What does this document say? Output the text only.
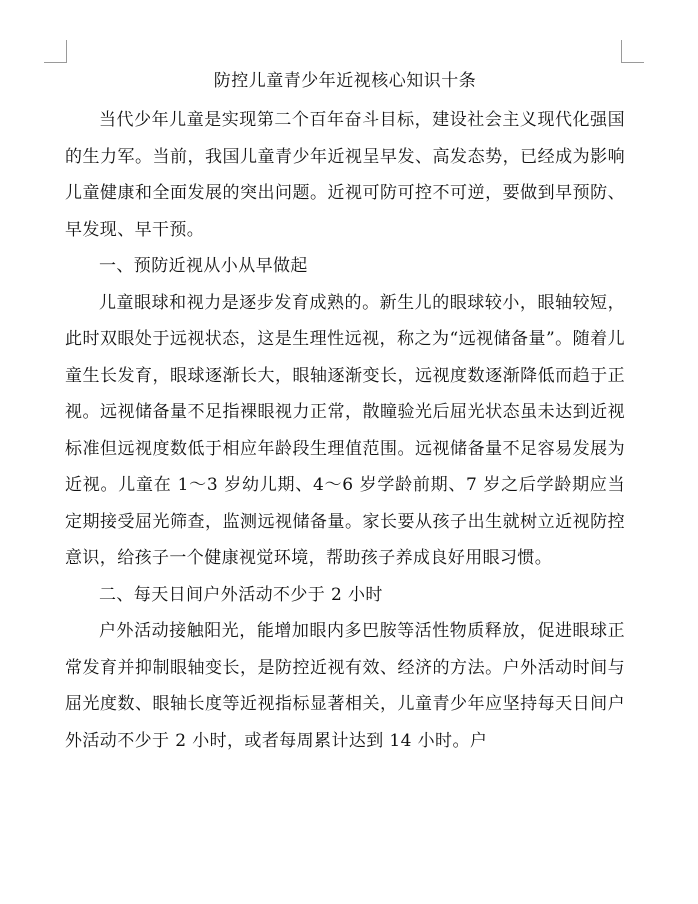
防控儿童青少年近视核心知识十条

当代少年儿童是实现第二个百年奋斗目标，建设社会主义现代化强国的生力军。当前，我国儿童青少年近视呈早发、高发态势，已经成为影响儿童健康和全面发展的突出问题。近视可防可控不可逆，要做到早预防、早发现、早干预。

一、预防近视从小从早做起

儿童眼球和视力是逐步发育成熟的。新生儿的眼球较小，眼轴较短，此时双眼处于远视状态，这是生理性远视，称之为“远视储备量”。随着儿童生长发育，眼球逐渐长大，眼轴逐渐变长，远视度数逐渐降低而趋于正视。远视储备量不足指裸眼视力正常，散瞳验光后屈光状态虽未达到近视标准但远视度数低于相应年龄段生理值范围。远视储备量不足容易发展为近视。儿童在 1～3 岁幼儿期、4～6 岁学龄前期、7 岁之后学龄期应当定期接受屈光筛查，监测远视储备量。家长要从孩子出生就树立近视防控意识，给孩子一个健康视觉环境，帮助孩子养成良好用眼习惯。

二、每天日间户外活动不少于 2 小时

户外活动接触阳光，能增加眼内多巴胺等活性物质释放，促进眼球正常发育并抑制眼轴变长，是防控近视有效、经济的方法。户外活动时间与屈光度数、眼轴长度等近视指标显著相关，儿童青少年应坚持每天日间户外活动不少于 2 小时，或者每周累计达到 14 小时。户
